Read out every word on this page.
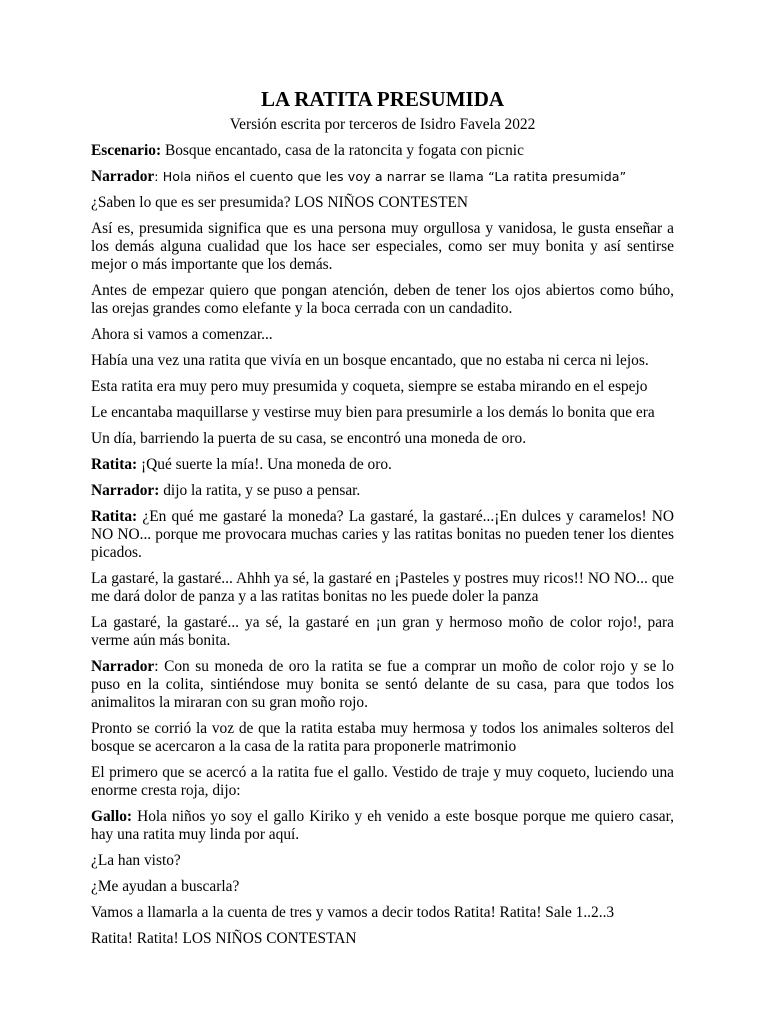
LA RATITA PRESUMIDA
Versión escrita por terceros de Isidro Favela 2022

Escenario: Bosque encantado, casa de la ratoncita y fogata con picnic

Narrador: Hola niños el cuento que les voy a narrar se llama “La ratita presumida”

¿Saben lo que es ser presumida? LOS NIÑOS CONTESTEN

Así es, presumida significa que es una persona muy orgullosa y vanidosa, le gusta enseñar a los demás alguna cualidad que los hace ser especiales, como ser muy bonita y así sentirse mejor o más importante que los demás.

Antes de empezar quiero que pongan atención, deben de tener los ojos abiertos como búho, las orejas grandes como elefante y la boca cerrada con un candadito.

Ahora si vamos a comenzar...

Había una vez una ratita que vivía en un bosque encantado, que no estaba ni cerca ni lejos.

Esta ratita era muy pero muy presumida y coqueta, siempre se estaba mirando en el espejo

Le encantaba maquillarse y vestirse muy bien para presumirle a los demás lo bonita que era

Un día, barriendo la puerta de su casa, se encontró una moneda de oro.

Ratita: ¡Qué suerte la mía!. Una moneda de oro.

Narrador: dijo la ratita, y se puso a pensar.

Ratita: ¿En qué me gastaré la moneda? La gastaré, la gastaré...¡En dulces y caramelos! NO NO NO... porque me provocara muchas caries y las ratitas bonitas no pueden tener los dientes picados.

La gastaré, la gastaré... Ahhh ya sé, la gastaré en ¡Pasteles y postres muy ricos!! NO NO... que me dará dolor de panza y a las ratitas bonitas no les puede doler la panza

La gastaré, la gastaré... ya sé, la gastaré en ¡un gran y hermoso moño de color rojo!, para verme aún más bonita.

Narrador: Con su moneda de oro la ratita se fue a comprar un moño de color rojo y se lo puso en la colita, sintiéndose muy bonita se sentó delante de su casa, para que todos los animalitos la miraran con su gran moño rojo.

Pronto se corrió la voz de que la ratita estaba muy hermosa y todos los animales solteros del bosque se acercaron a la casa de la ratita para proponerle matrimonio

El primero que se acercó a la ratita fue el gallo. Vestido de traje y muy coqueto, luciendo una enorme cresta roja, dijo:

Gallo: Hola niños yo soy el gallo Kiriko y eh venido a este bosque porque me quiero casar, hay una ratita muy linda por aquí.

¿La han visto?

¿Me ayudan a buscarla?

Vamos a llamarla a la cuenta de tres y vamos a decir todos Ratita! Ratita! Sale 1..2..3

Ratita! Ratita! LOS NIÑOS CONTESTAN
